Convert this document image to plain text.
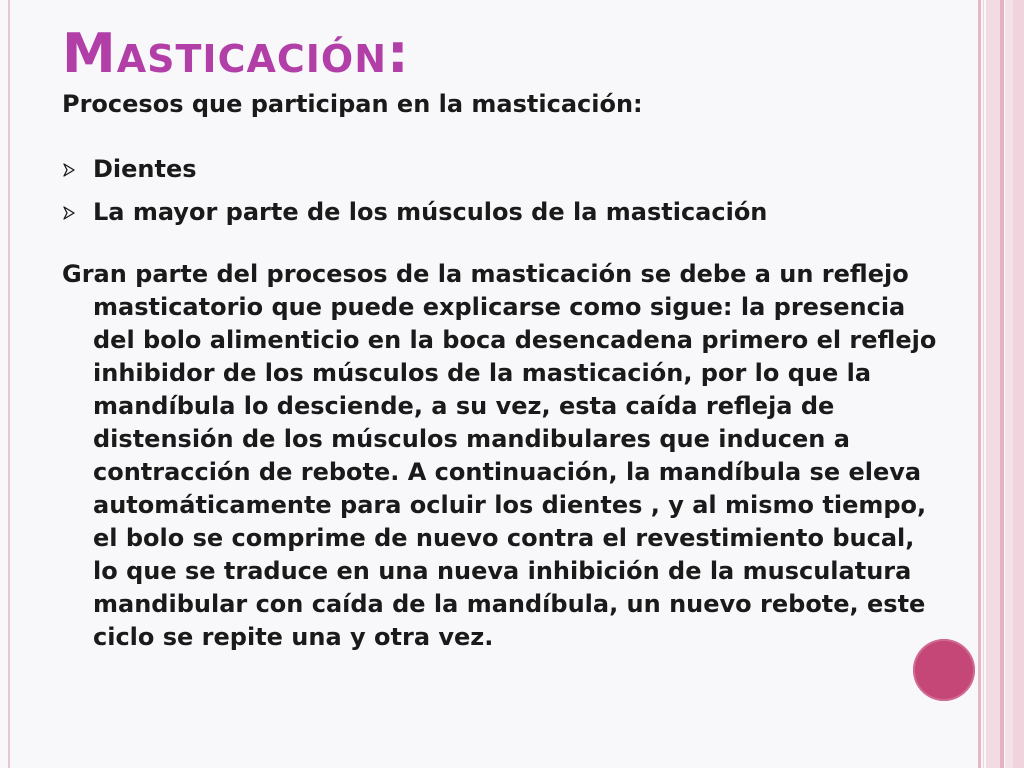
Masticación:

Procesos que participan en la masticación:

Dientes
La mayor parte de los músculos de la masticación

Gran parte del procesos de la masticación se debe a un reflejo masticatorio que puede explicarse como sigue: la presencia del bolo alimenticio en la boca desencadena primero el reflejo inhibidor de los músculos de la masticación, por lo que la mandíbula lo desciende, a su vez, esta caída refleja de distensión de los músculos mandibulares que inducen a contracción de rebote. A continuación, la mandíbula se eleva automáticamente para ocluir los dientes , y al mismo tiempo, el bolo se comprime de nuevo contra el revestimiento bucal, lo que se traduce en una nueva inhibición de la musculatura mandibular con caída de la mandíbula, un nuevo rebote, este ciclo se repite una y otra vez.
